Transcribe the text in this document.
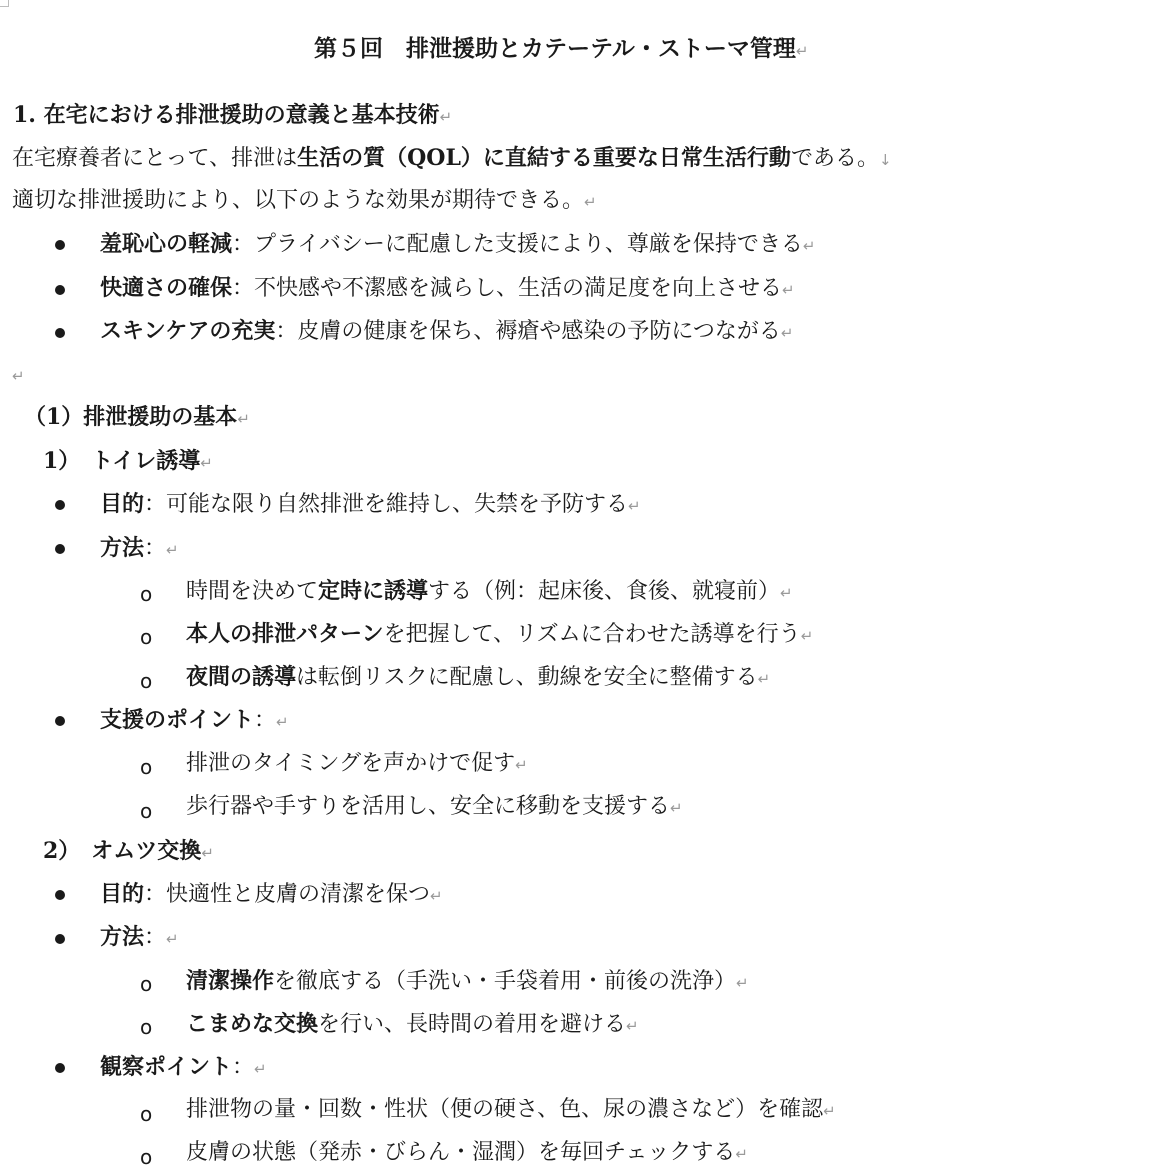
第５回　排泄援助とカテーテル・ストーマ管理↵
1. 在宅における排泄援助の意義と基本技術↵
在宅療養者にとって、排泄は生活の質（QOL）に直結する重要な日常生活行動である。↓
適切な排泄援助により、以下のような効果が期待できる。↵
羞恥心の軽減：プライバシーに配慮した支援により、尊厳を保持できる↵
快適さの確保：不快感や不潔感を減らし、生活の満足度を向上させる↵
スキンケアの充実：皮膚の健康を保ち、褥瘡や感染の予防につながる↵
↵
（1）排泄援助の基本↵
1）　トイレ誘導↵
目的：可能な限り自然排泄を維持し、失禁を予防する↵
方法：↵
o 時間を決めて定時に誘導する（例：起床後、食後、就寝前）↵
o 本人の排泄パターンを把握して、リズムに合わせた誘導を行う↵
o 夜間の誘導は転倒リスクに配慮し、動線を安全に整備する↵
支援のポイント：↵
o 排泄のタイミングを声かけで促す↵
o 歩行器や手すりを活用し、安全に移動を支援する↵
2）　オムツ交換↵
目的：快適性と皮膚の清潔を保つ↵
方法：↵
o 清潔操作を徹底する（手洗い・手袋着用・前後の洗浄）↵
o こまめな交換を行い、長時間の着用を避ける↵
観察ポイント：↵
o 排泄物の量・回数・性状（便の硬さ、色、尿の濃さなど）を確認↵
o 皮膚の状態（発赤・びらん・湿潤）を毎回チェックする↵
